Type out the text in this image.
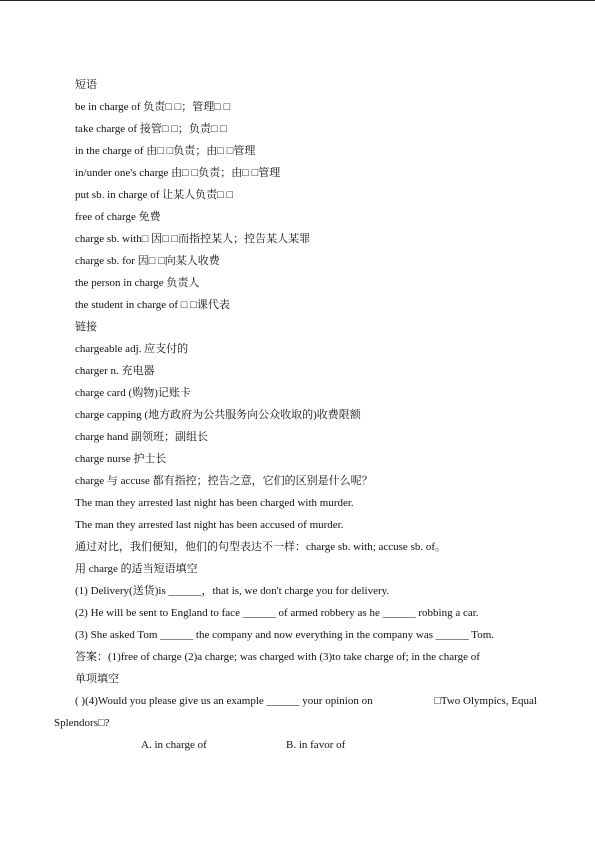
短语
be in charge of 负责□ □；管理□ □
take charge of 接管□ □；负责□ □
in the charge of 由□ □负责；由□ □管理
in/under one's charge 由□ □负责；由□ □管理
put sb. in charge of 让某人负责□ □
free of charge 免费
charge sb. with□ 因□ □而指控某人；控告某人某罪
charge sb. for 因□ □向某人收费
the person in charge 负责人
the student in charge of □ □课代表
链接
chargeable adj. 应支付的
charger n. 充电器
charge card (购物)记账卡
charge capping (地方政府为公共服务向公众收取的)收费限额
charge hand 副领班；副组长
charge nurse 护士长
charge 与 accuse 都有指控；控告之意，它们的区别是什么呢？
The man they arrested last night has been charged with murder.
The man they arrested last night has been accused of murder.
通过对比，我们便知，他们的句型表达不一样：charge sb. with; accuse sb. of。
用 charge 的适当短语填空
(1) Delivery(送货)is ______，that is, we don't charge you for delivery.
(2) He will be sent to England to face ______ of armed robbery as he ______ robbing a car.
(3) She asked Tom ______ the company and now everything in the company was ______ Tom.
答案：(1)free of charge (2)a charge; was charged with (3)to take charge of; in the charge of
单项填空
( )(4)Would you please give us an example ______ your opinion on	□Two Olympics, Equal
Splendors□?
A. in charge of	B. in favor of
